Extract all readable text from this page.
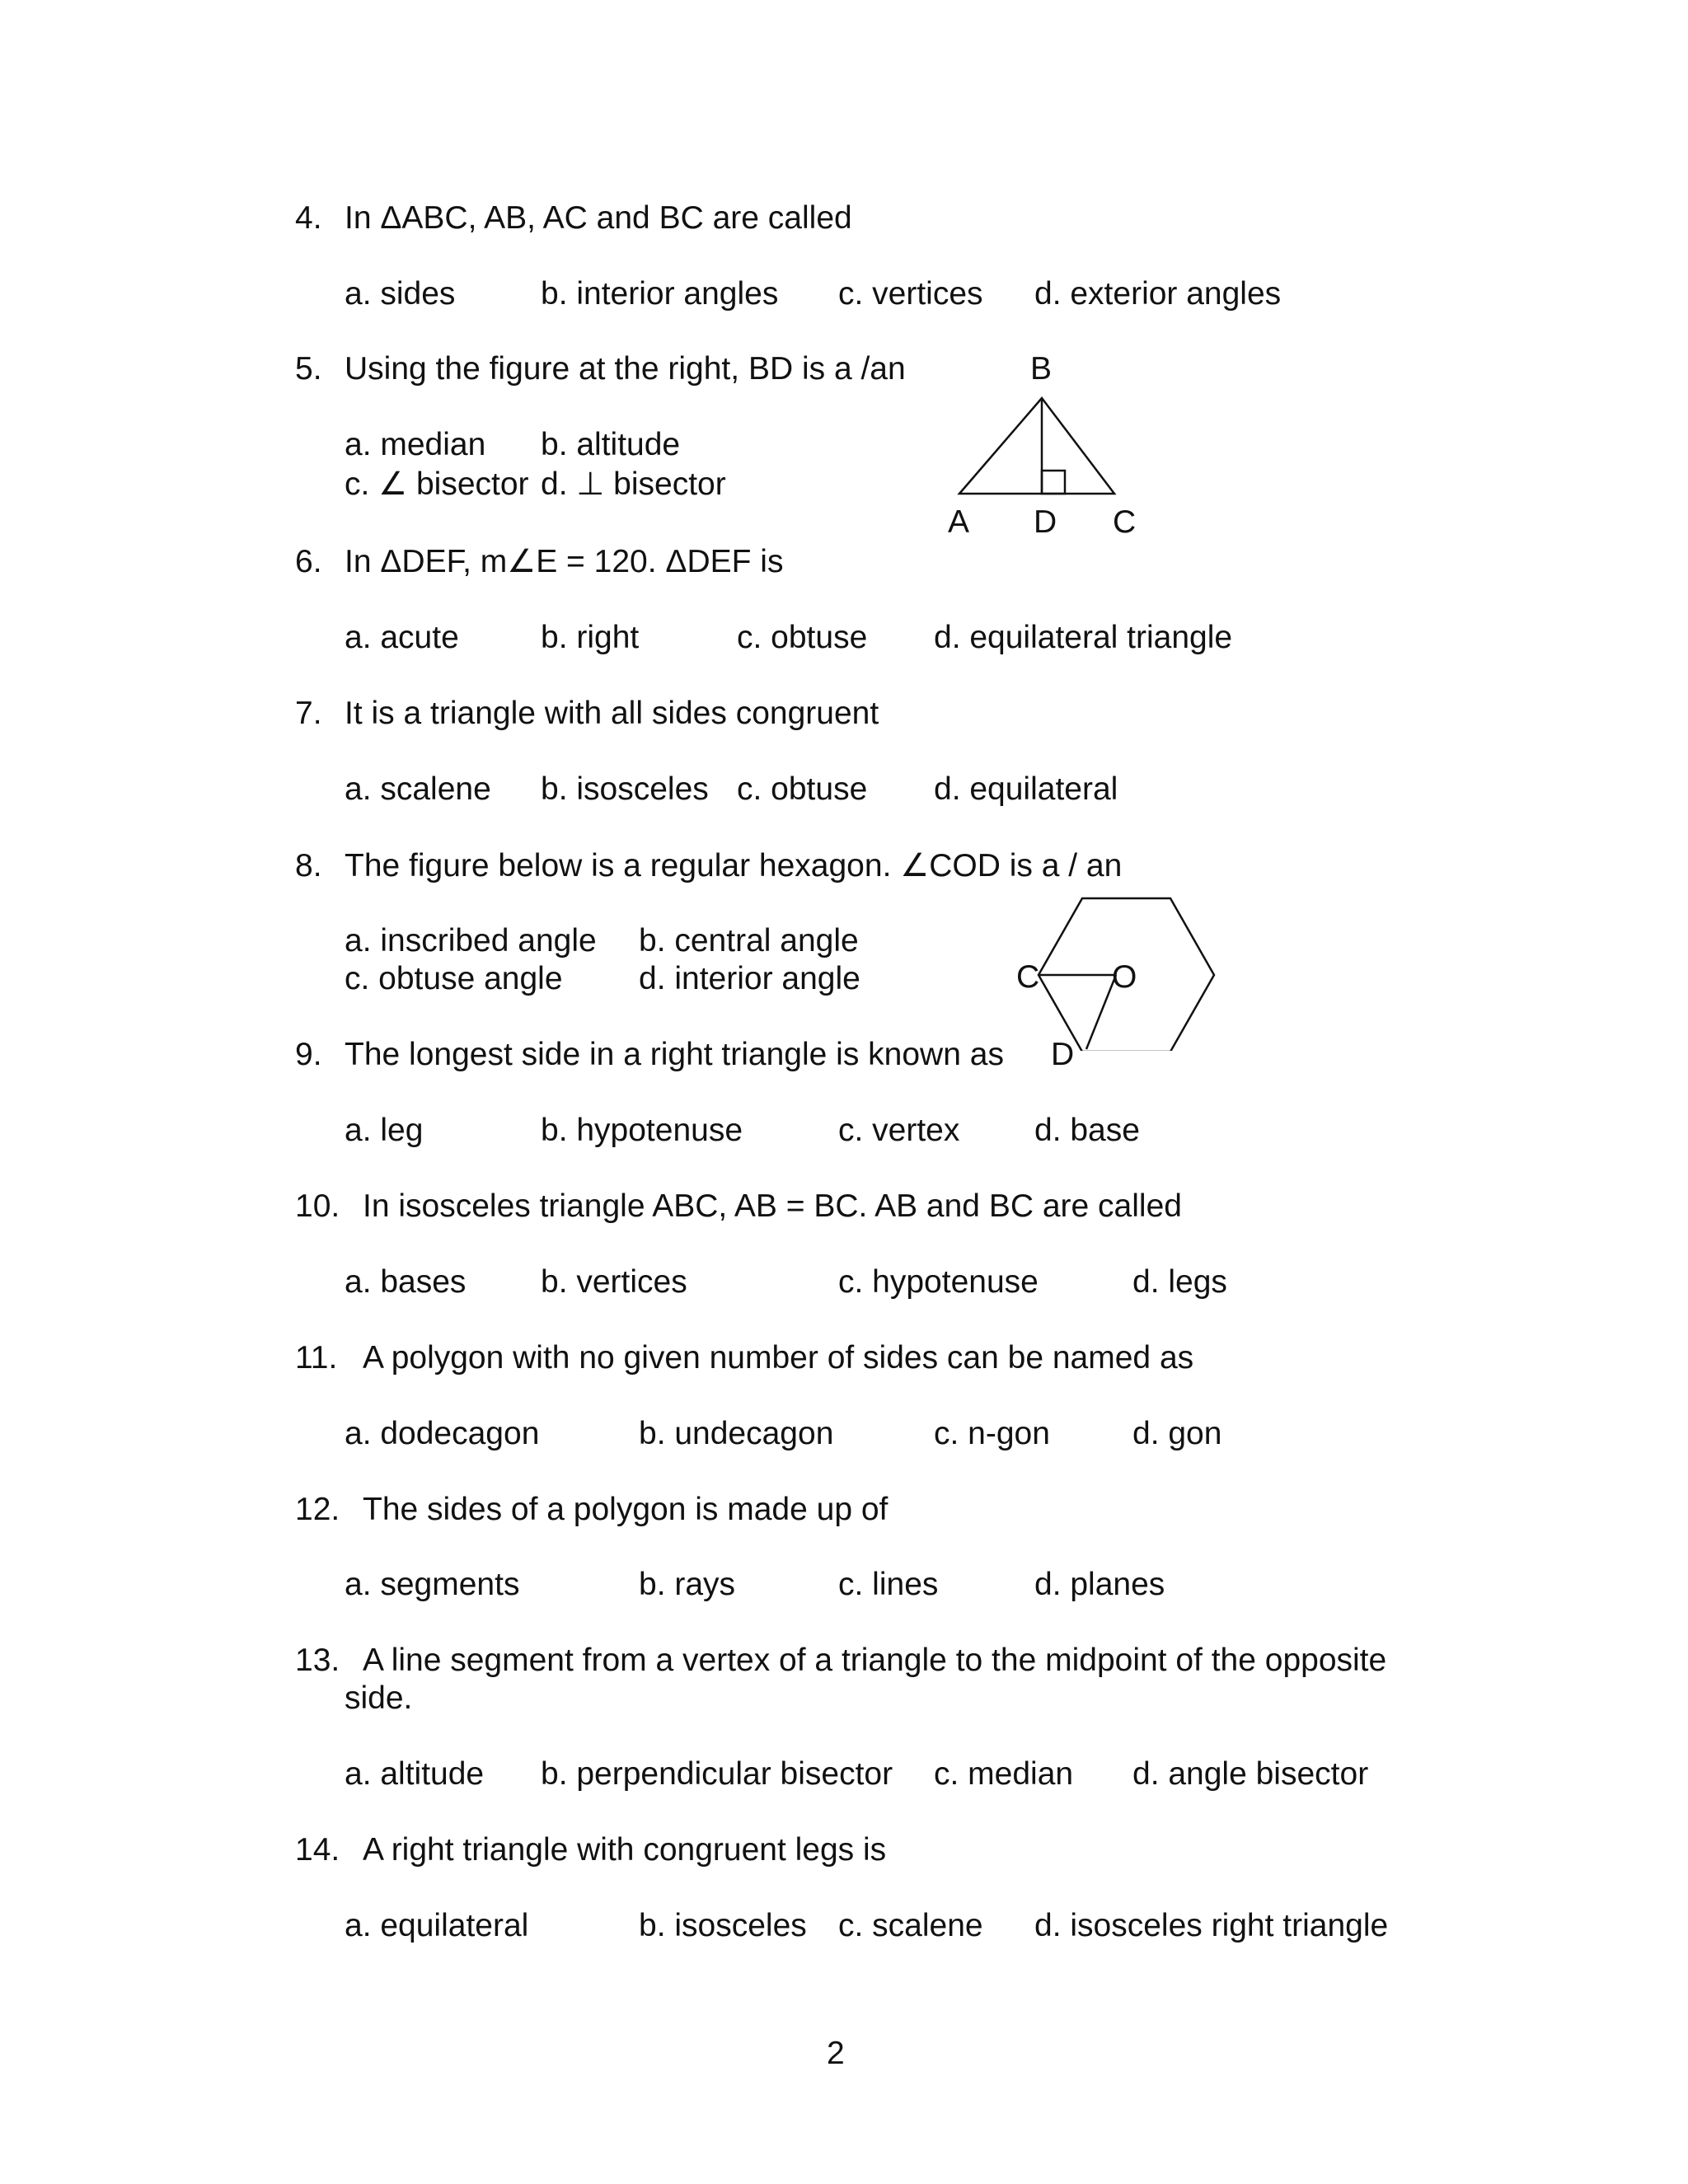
4. In ΔABC, AB, AC and BC are called
a. sides	b. interior angles c. vertices d. exterior angles
5. Using the figure at the right, BD is a /an
a. median b. altitude
c. ∠ bisector d. ⊥ bisector
B
A D C
6. In ΔDEF, m∠E = 120. ΔDEF is
a. acute	b. right	c. obtuse d. equilateral triangle
7. It is a triangle with all sides congruent
a. scalene b. isosceles c. obtuse d. equilateral
8. The figure below is a regular hexagon. ∠COD is a / an
a. inscribed angle b. central angle
c. obtuse angle d. interior angle	C O
D
9. The longest side in a right triangle is known as
a. leg	b. hypotenuse	c. vertex d. base
10. In isosceles triangle ABC, AB = BC. AB and BC are called
a. bases b. vertices	c. hypotenuse	d. legs
11. A polygon with no given number of sides can be named as
a. dodecagon	b. undecagon	c. n-gon	d. gon
12. The sides of a polygon is made up of
a. segments	b. rays	c. lines	d. planes
13. A line segment from a vertex of a triangle to the midpoint of the opposite
side.
a. altitude b. perpendicular bisector c. median d. angle bisector
14. A right triangle with congruent legs is
a. equilateral	b. isosceles c. scalene d. isosceles right triangle
2
